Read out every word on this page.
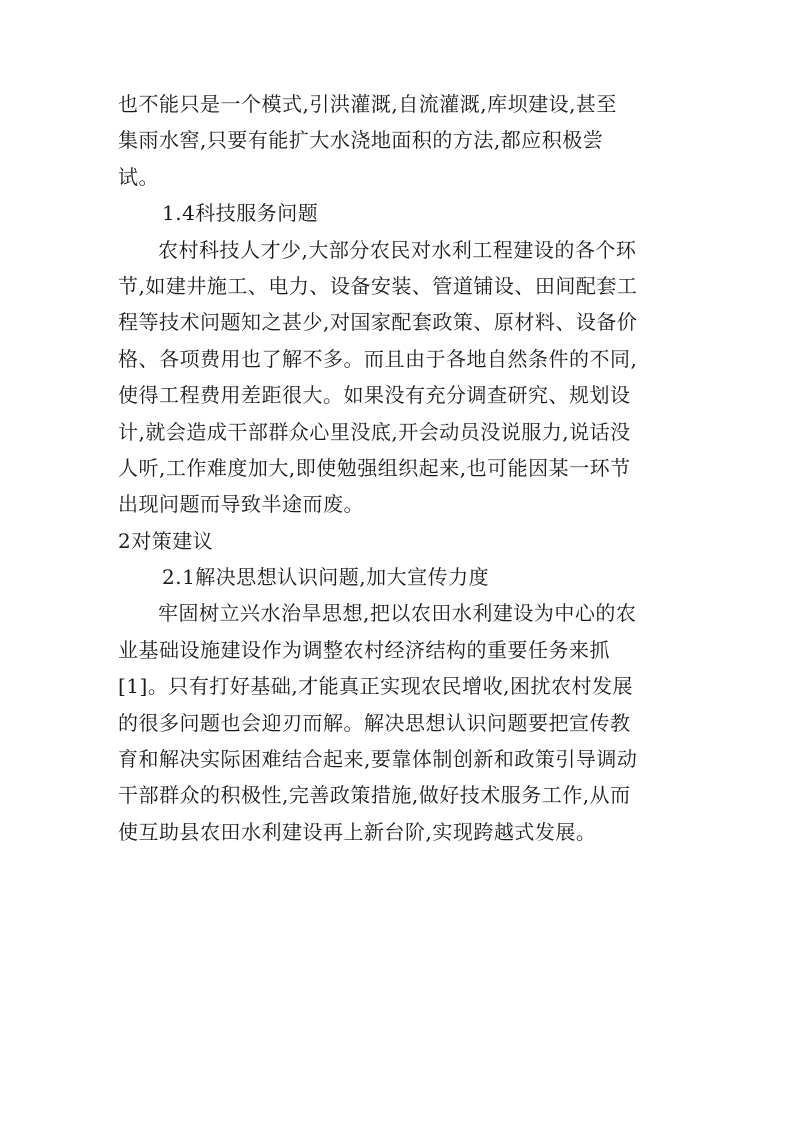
也不能只是一个模式,引洪灌溉,自流灌溉,库坝建设,甚至
集雨水窖,只要有能扩大水浇地面积的方法,都应积极尝
试。
1.4科技服务问题
农村科技人才少,大部分农民对水利工程建设的各个环
节,如建井施工、电力、设备安装、管道铺设、田间配套工
程等技术问题知之甚少,对国家配套政策、原材料、设备价
格、各项费用也了解不多。而且由于各地自然条件的不同,
使得工程费用差距很大。如果没有充分调查研究、规划设
计,就会造成干部群众心里没底,开会动员没说服力,说话没
人听,工作难度加大,即使勉强组织起来,也可能因某一环节
出现问题而导致半途而废。
2对策建议
2.1解决思想认识问题,加大宣传力度
牢固树立兴水治旱思想,把以农田水利建设为中心的农
业基础设施建设作为调整农村经济结构的重要任务来抓
[1]。只有打好基础,才能真正实现农民增收,困扰农村发展
的很多问题也会迎刃而解。解决思想认识问题要把宣传教
育和解决实际困难结合起来,要靠体制创新和政策引导调动
干部群众的积极性,完善政策措施,做好技术服务工作,从而
使互助县农田水利建设再上新台阶,实现跨越式发展。
